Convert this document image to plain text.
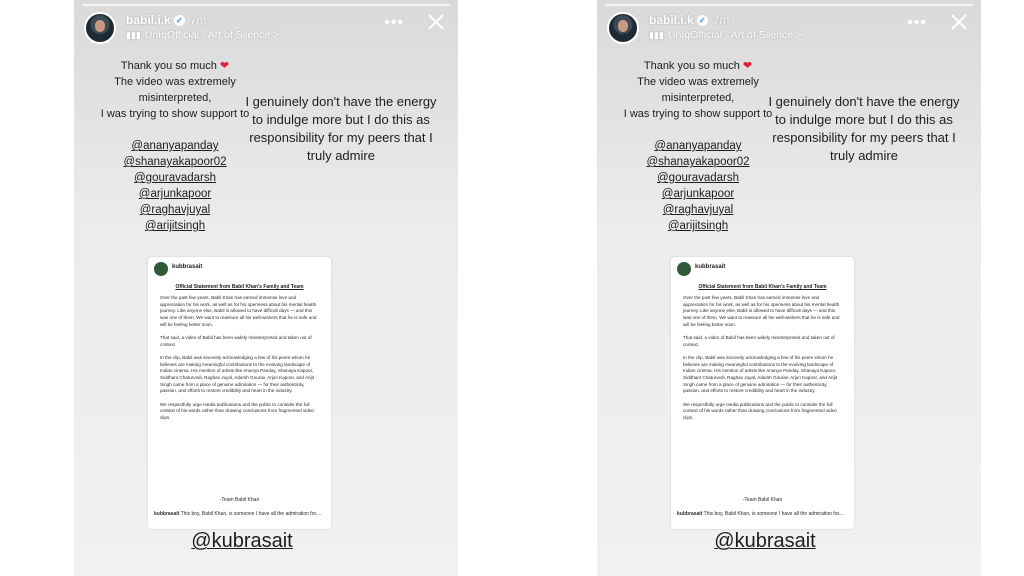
babil.i.k ✓ 7m
▮▮▮ UnIqOfficial · Art of Silence >
•••
Thank you so much ❤
The video was extremely misinterpreted,
I was trying to show support to
@ananyapanday
@shanayakapoor02
@gouravadarsh
@arjunkapoor
@raghavjuyal
@arijitsingh
I genuinely don't have the energy to indulge more but I do this as responsibility for my peers that I truly admire
kubbrasait
Official Statement from Babil Khan's Family and Team

Over the past few years, Babil Khan has earned immense love and appreciation for his work, as well as for his openness about his mental health journey. Like anyone else, Babil is allowed to have difficult days — and this was one of them. We want to reassure all his well-wishers that he is safe and will be feeling better soon.

That said, a video of Babil has been widely misinterpreted and taken out of context.

In the clip, Babil was sincerely acknowledging a few of his peers whom he believes are making meaningful contributions to the evolving landscape of Indian cinema. His mention of artists like Ananya Panday, Shanaya Kapoor, Siddhant Chaturvedi, Raghav Juyal, Adarsh Gourav, Arjun Kapoor, and Arijit Singh came from a place of genuine admiration — for their authenticity, passion, and efforts to restore credibility and heart in the industry.

We respectfully urge media publications and the public to consider the full context of his words rather than drawing conclusions from fragmented video clips.

-Team Babil Khan
kubbrasait This boy, Babil Khan, is someone I have all the admiration for....
@kubrasait
babil.i.k ✓ 7m
▮▮▮ UnIqOfficial · Art of Silence >
•••
Thank you so much ❤
The video was extremely misinterpreted,
I was trying to show support to
@ananyapanday
@shanayakapoor02
@gouravadarsh
@arjunkapoor
@raghavjuyal
@arijitsingh
I genuinely don't have the energy to indulge more but I do this as responsibility for my peers that I truly admire
kubbrasait
Official Statement from Babil Khan's Family and Team

Over the past few years, Babil Khan has earned immense love and appreciation for his work, as well as for his openness about his mental health journey. Like anyone else, Babil is allowed to have difficult days — and this was one of them. We want to reassure all his well-wishers that he is safe and will be feeling better soon.

That said, a video of Babil has been widely misinterpreted and taken out of context.

In the clip, Babil was sincerely acknowledging a few of his peers whom he believes are making meaningful contributions to the evolving landscape of Indian cinema. His mention of artists like Ananya Panday, Shanaya Kapoor, Siddhant Chaturvedi, Raghav Juyal, Adarsh Gourav, Arjun Kapoor, and Arijit Singh came from a place of genuine admiration — for their authenticity, passion, and efforts to restore credibility and heart in the industry.

We respectfully urge media publications and the public to consider the full context of his words rather than drawing conclusions from fragmented video clips.

-Team Babil Khan
kubbrasait This boy, Babil Khan, is someone I have all the admiration for....
@kubrasait
